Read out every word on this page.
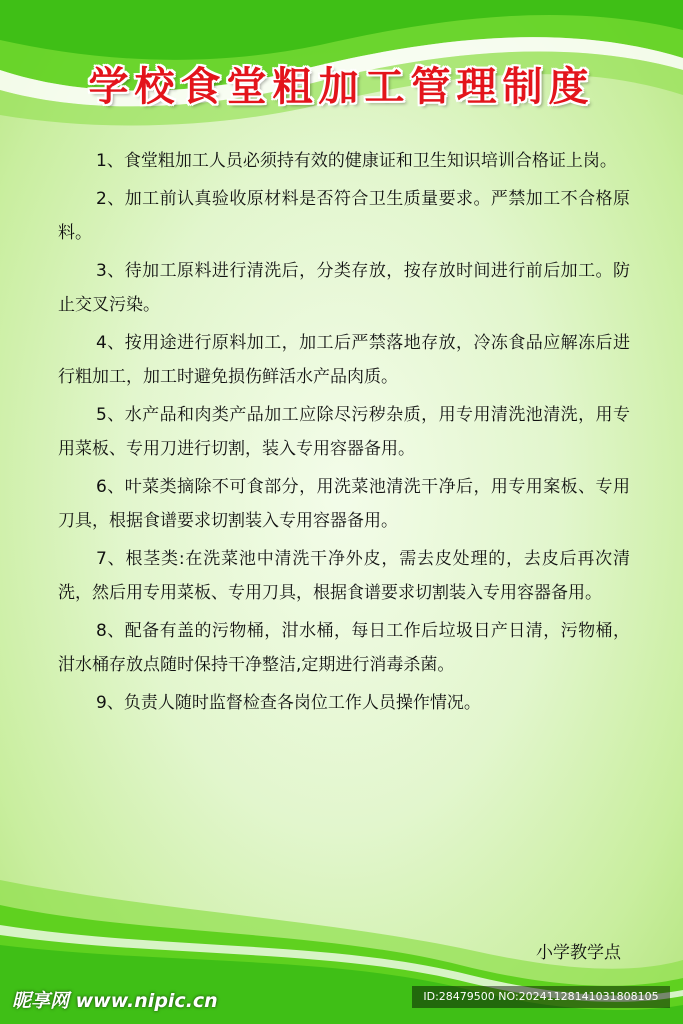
学校食堂粗加工管理制度
1、食堂粗加工人员必须持有效的健康证和卫生知识培训合格证上岗。
2、加工前认真验收原材料是否符合卫生质量要求。严禁加工不合格原料。
3、待加工原料进行清洗后，分类存放，按存放时间进行前后加工。防止交叉污染。
4、按用途进行原料加工，加工后严禁落地存放，冷冻食品应解冻后进行粗加工，加工时避免损伤鲜活水产品肉质。
5、水产品和肉类产品加工应除尽污秽杂质，用专用清洗池清洗，用专用菜板、专用刀进行切割，装入专用容器备用。
6、叶菜类摘除不可食部分，用洗菜池清洗干净后，用专用案板、专用刀具，根据食谱要求切割装入专用容器备用。
7、根茎类:在洗菜池中清洗干净外皮，需去皮处理的，去皮后再次清洗，然后用专用菜板、专用刀具，根据食谱要求切割装入专用容器备用。
8、配备有盖的污物桶，泔水桶，每日工作后垃圾日产日清，污物桶，泔水桶存放点随时保持干净整洁,定期进行消毒杀菌。
9、负责人随时监督检查各岗位工作人员操作情况。
小学教学点
昵享网 www.nipic.cn	ID:28479500 NO:20241128141031808105
